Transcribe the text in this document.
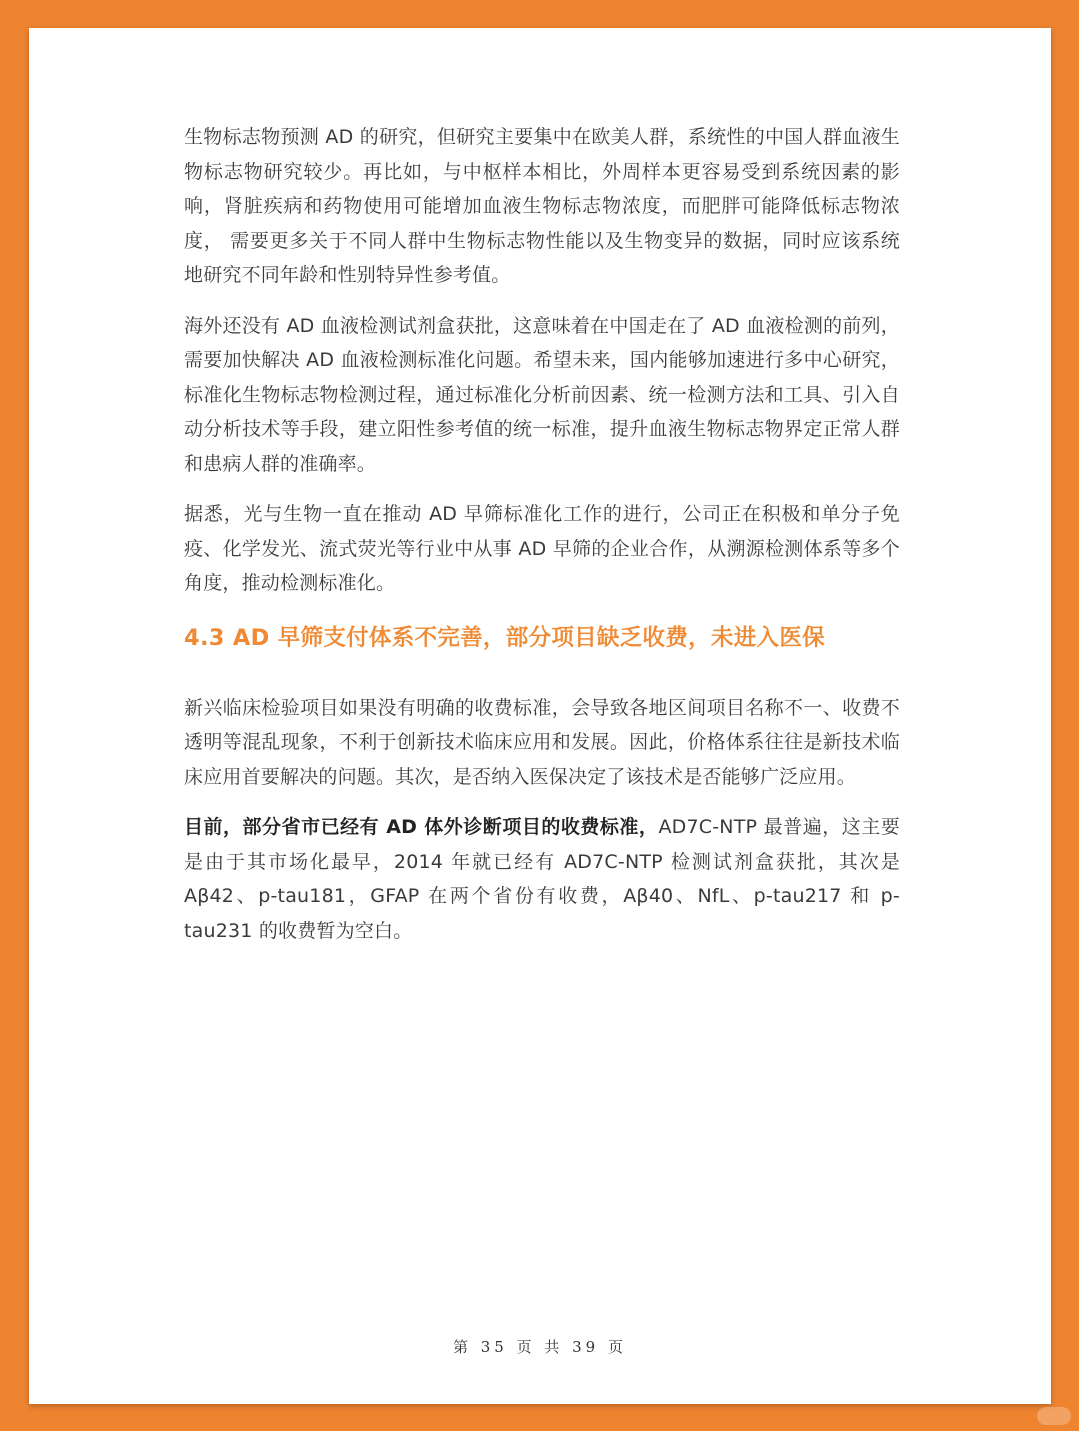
生物标志物预测 AD 的研究，但研究主要集中在欧美人群，系统性的中国人群血液生物标志物研究较少。再比如，与中枢样本相比，外周样本更容易受到系统因素的影响，肾脏疾病和药物使用可能增加血液生物标志物浓度，而肥胖可能降低标志物浓度， 需要更多关于不同人群中生物标志物性能以及生物变异的数据，同时应该系统地研究不同年龄和性别特异性参考值。

海外还没有 AD 血液检测试剂盒获批，这意味着在中国走在了 AD 血液检测的前列，需要加快解决 AD 血液检测标准化问题。希望未来，国内能够加速进行多中心研究，标准化生物标志物检测过程，通过标准化分析前因素、统一检测方法和工具、引入自动分析技术等手段，建立阳性参考值的统一标准，提升血液生物标志物界定正常人群和患病人群的准确率。

据悉，光与生物一直在推动 AD 早筛标准化工作的进行，公司正在积极和单分子免疫、化学发光、流式荧光等行业中从事 AD 早筛的企业合作，从溯源检测体系等多个角度，推动检测标准化。

4.3 AD 早筛支付体系不完善，部分项目缺乏收费，未进入医保

新兴临床检验项目如果没有明确的收费标准，会导致各地区间项目名称不一、收费不透明等混乱现象，不利于创新技术临床应用和发展。因此，价格体系往往是新技术临床应用首要解决的问题。其次，是否纳入医保决定了该技术是否能够广泛应用。

目前，部分省市已经有 AD 体外诊断项目的收费标准，AD7C-NTP 最普遍，这主要是由于其市场化最早，2014 年就已经有 AD7C-NTP 检测试剂盒获批，其次是 Aβ42、p-tau181，GFAP 在两个省份有收费，Aβ40、NfL、p-tau217 和 p-tau231 的收费暂为空白。

第 35 页 共 39 页
